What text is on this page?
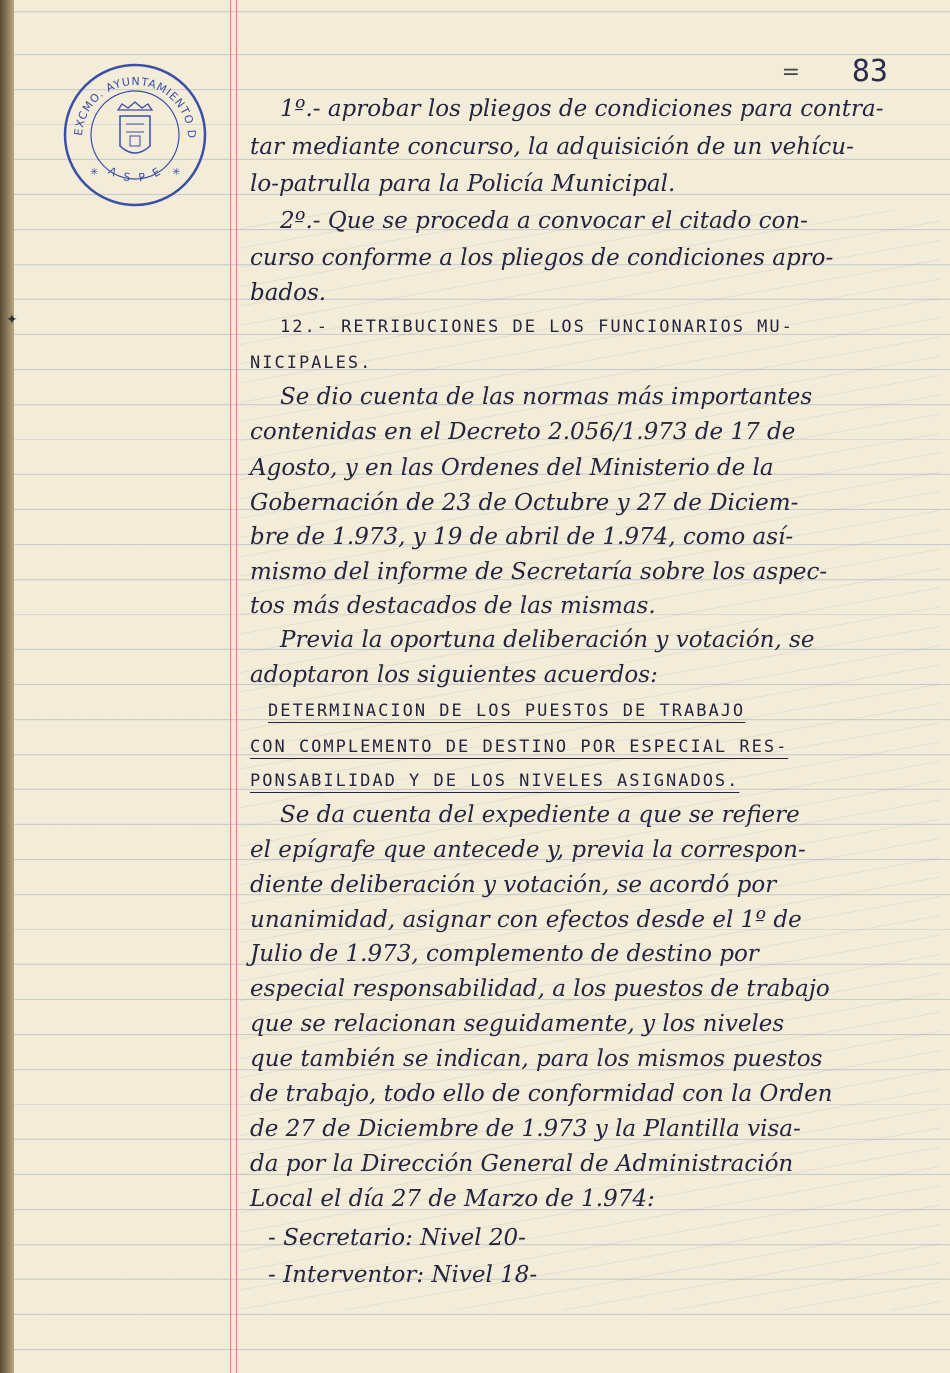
✦
EXCMO. AYUNTAMIENTO D
A S P E
✳	✳
= 83
1º.- aprobar los pliegos de condiciones para contra-
tar mediante concurso, la adquisición de un vehícu-
lo-patrulla para la Policía Municipal.
2º.- Que se proceda a convocar el citado con-
curso conforme a los pliegos de condiciones apro-
bados.
12.- RETRIBUCIONES DE LOS FUNCIONARIOS MU-
NICIPALES.
Se dio cuenta de las normas más importantes
contenidas en el Decreto 2.056/1.973 de 17 de
Agosto, y en las Ordenes del Ministerio de la
Gobernación de 23 de Octubre y 27 de Diciem-
bre de 1.973, y 19 de abril de 1.974, como así-
mismo del informe de Secretaría sobre los aspec-
tos más destacados de las mismas.
Previa la oportuna deliberación y votación, se
adoptaron los siguientes acuerdos:
DETERMINACION DE LOS PUESTOS DE TRABAJO
CON COMPLEMENTO DE DESTINO POR ESPECIAL RES-
PONSABILIDAD Y DE LOS NIVELES ASIGNADOS.
Se da cuenta del expediente a que se refiere
el epígrafe que antecede y, previa la correspon-
diente deliberación y votación, se acordó por
unanimidad, asignar con efectos desde el 1º de
Julio de 1.973, complemento de destino por
especial responsabilidad, a los puestos de trabajo
que se relacionan seguidamente, y los niveles
que también se indican, para los mismos puestos
de trabajo, todo ello de conformidad con la Orden
de 27 de Diciembre de 1.973 y la Plantilla visa-
da por la Dirección General de Administración
Local el día 27 de Marzo de 1.974:
- Secretario: Nivel 20-
- Interventor: Nivel 18-
